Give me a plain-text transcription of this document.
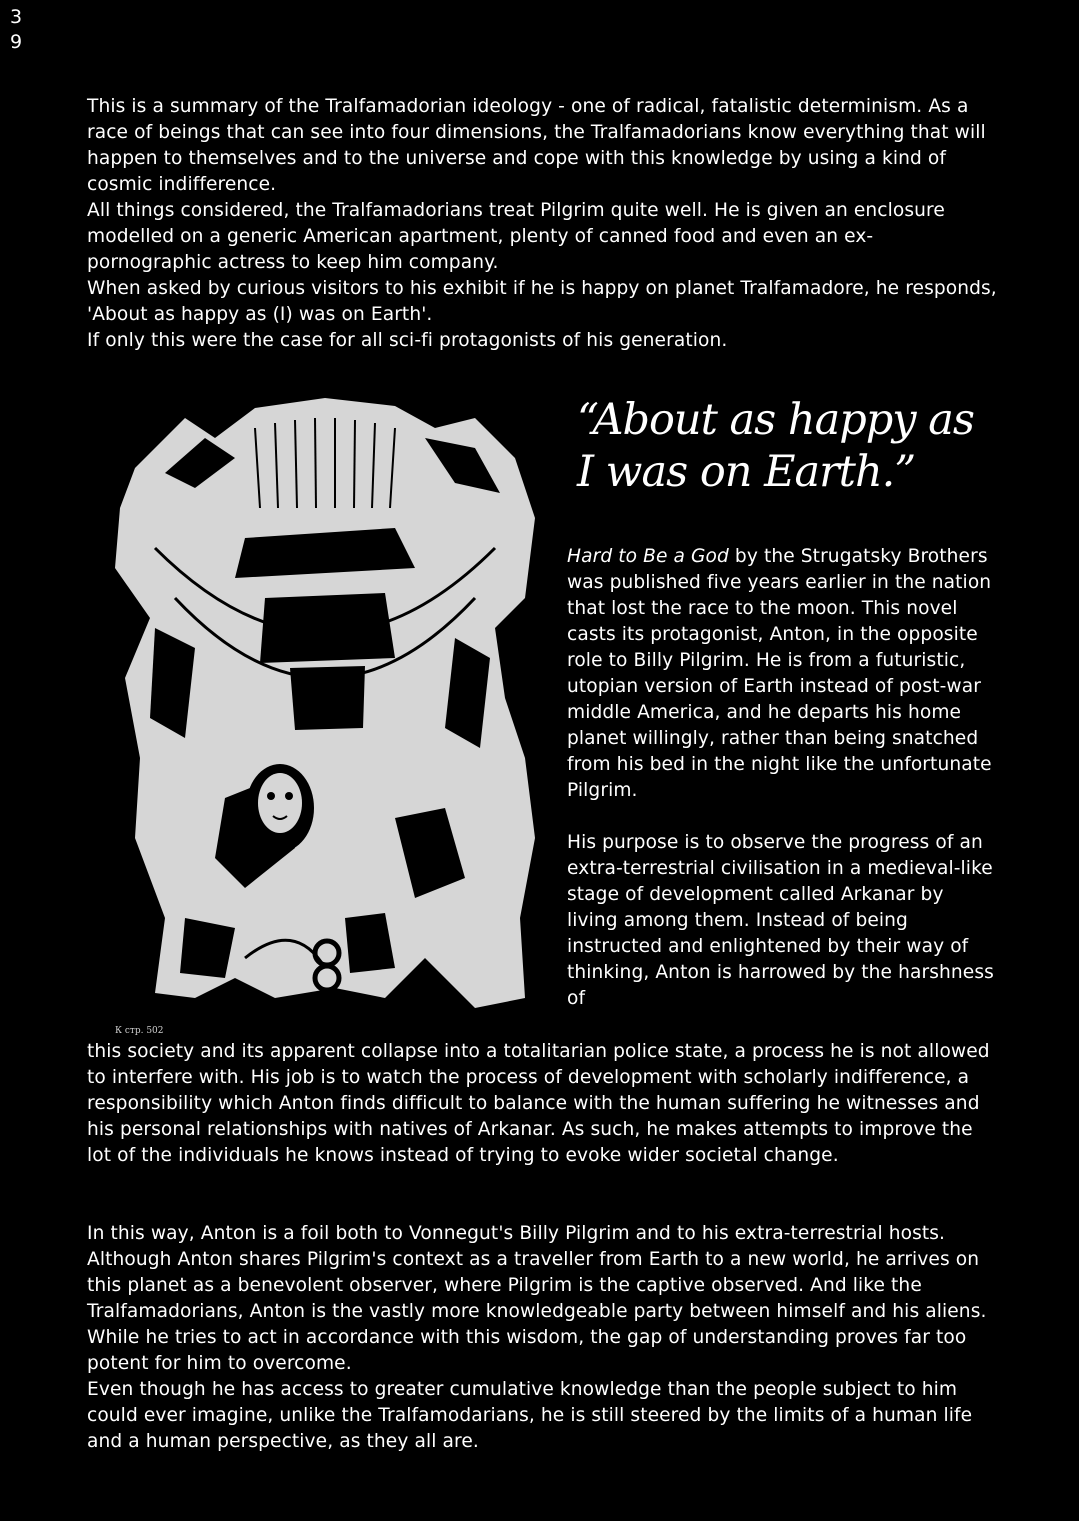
3
9

This is a summary of the Tralfamadorian ideology - one of radical, fatalistic determinism. As a race of beings that can see into four dimensions, the Tralfamadorians know everything that will happen to themselves and to the universe and cope with this knowledge by using a kind of cosmic indifference.

All things considered, the Tralfamadorians treat Pilgrim quite well. He is given an enclosure modelled on a generic American apartment, plenty of canned food and even an ex-pornographic actress to keep him company.

When asked by curious visitors to his exhibit if he is happy on planet Tralfamadore, he responds, 'About as happy as (I) was on Earth'.

If only this were the case for all sci-fi protagonists of his generation.

К стр. 502
“About as happy as
I was on Earth.”

Hard to Be a God by the Strugatsky Brothers was published five years earlier in the nation that lost the race to the moon. This novel casts its protagonist, Anton, in the opposite role to Billy Pilgrim. He is from a futuristic, utopian version of Earth instead of post-war middle America, and he departs his home planet willingly, rather than being snatched from his bed in the night like the unfortunate Pilgrim.

His purpose is to observe the progress of an extra-terrestrial civilisation in a medieval-like stage of development called Arkanar by living among them. Instead of being instructed and enlightened by their way of thinking, Anton is harrowed by the harshness of

this society and its apparent collapse into a totalitarian police state, a process he is not allowed to interfere with. His job is to watch the process of development with scholarly indifference, a responsibility which Anton finds difficult to balance with the human suffering he witnesses and his personal relationships with natives of Arkanar. As such, he makes attempts to improve the lot of the individuals he knows instead of trying to evoke wider societal change.

In this way, Anton is a foil both to Vonnegut's Billy Pilgrim and to his extra-terrestrial hosts. Although Anton shares Pilgrim's context as a traveller from Earth to a new world, he arrives on this planet as a benevolent observer, where Pilgrim is the captive observed. And like the Tralfamadorians, Anton is the vastly more knowledgeable party between himself and his aliens. While he tries to act in accordance with this wisdom, the gap of understanding proves far too potent for him to overcome.

Even though he has access to greater cumulative knowledge than the people subject to him could ever imagine, unlike the Tralfamodarians, he is still steered by the limits of a human life and a human perspective, as they all are.
